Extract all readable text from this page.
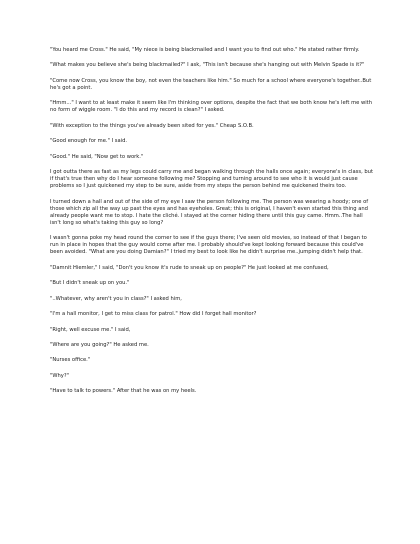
"You heard me Cross." He said, "My niece is being blackmailed and I want you to find out who." He stated rather firmly.

"What makes you believe she's being blackmailed?" I ask, "This isn't because she's hanging out with Melvin Spade is it?"

"Come now Cross, you know the boy, not even the teachers like him." So much for a school where everyone's together..But he's got a point.

"Hmm..." I want to at least make it seem like I'm thinking over options, despite the fact that we both know he's left me with no form of wiggle room. "I do this and my record is clean?" I asked.

"With exception to the things you've already been sited for yes." Cheap S.O.B.

"Good enough for me." I said.

"Good." He said, "Now get to work."

I got outta there as fast as my legs could carry me and began walking through the halls once again; everyone's in class, but if that's true then why do I hear someone following me? Stopping and turning around to see who it is would just cause problems so I just quickened my step to be sure, aside from my steps the person behind me quickened theirs too.

I turned down a hall and out of the side of my eye I saw the person following me. The person was wearing a hoody; one of those which zip all the way up past the eyes and has eyeholes. Great; this is original, I haven't even started this thing and already people want me to stop. I hate the cliché. I stayed at the corner hiding there until this guy came. Hmm..The hall isn't long so what's taking this guy so long?

I wasn't gonna poke my head round the corner to see if the guys there; I've seen old movies, so instead of that I began to run in place in hopes that the guy would come after me. I probably should've kept looking forward because this could've been avoided. "What are you doing Damian?" I tried my best to look like he didn't surprise me..jumping didn't help that.

"Damnit Hiemler," I said, "Don't you know it's rude to sneak up on people?" He just looked at me confused,

"But I didn't sneak up on you."

"..Whatever, why aren't you in class?" I asked him,

"I'm a hall monitor, I get to miss class for patrol." How did I forget hall monitor?

"Right, well excuse me." I said,

"Where are you going?" He asked me.

"Nurses office."

"Why?"

"Have to talk to powers." After that he was on my heels.
